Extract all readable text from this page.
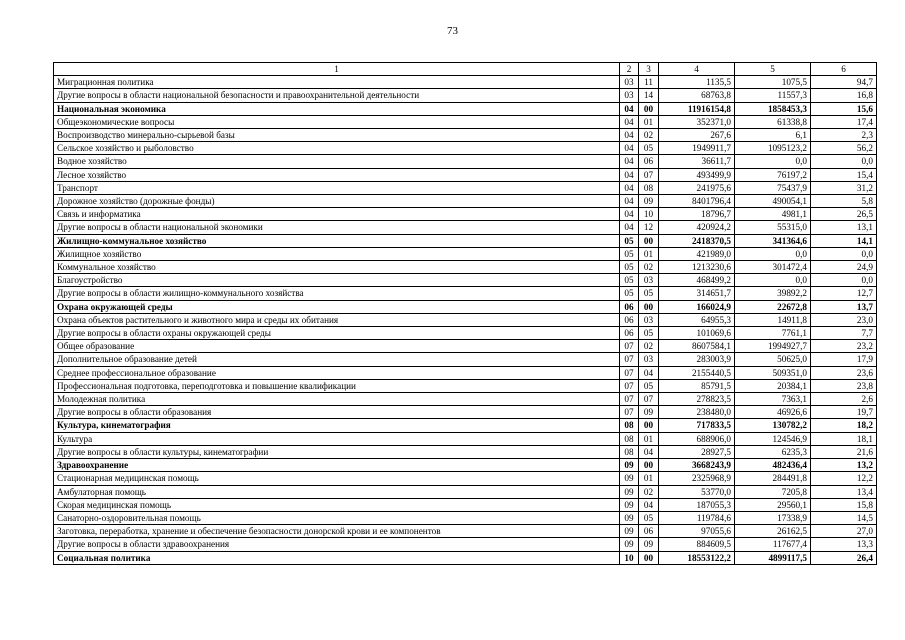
73
1	2	3	4	5	6
Миграционная политика	03	11	1135,5	1075,5	94,7
Другие вопросы в области национальной безопасности и правоохранительной деятельности	03	14	68763,8	11557,3	16,8
Национальная экономика	04	00	11916154,8	1858453,3	15,6
Общеэкономические вопросы	04	01	352371,0	61338,8	17,4
Воспроизводство минерально-сырьевой базы	04	02	267,6	6,1	2,3
Сельское хозяйство и рыболовство	04	05	1949911,7	1095123,2	56,2
Водное хозяйство	04	06	36611,7	0,0	0,0
Лесное хозяйство	04	07	493499,9	76197,2	15,4
Транспорт	04	08	241975,6	75437,9	31,2
Дорожное хозяйство (дорожные фонды)	04	09	8401796,4	490054,1	5,8
Связь и информатика	04	10	18796,7	4981,1	26,5
Другие вопросы в области национальной экономики	04	12	420924,2	55315,0	13,1
Жилищно-коммунальное хозяйство	05	00	2418370,5	341364,6	14,1
Жилищное хозяйство	05	01	421989,0	0,0	0,0
Коммунальное хозяйство	05	02	1213230,6	301472,4	24,9
Благоустройство	05	03	468499,2	0,0	0,0
Другие вопросы в области жилищно-коммунального хозяйства	05	05	314651,7	39892,2	12,7
Охрана окружающей среды	06	00	166024,9	22672,8	13,7
Охрана объектов растительного и животного мира и среды их обитания	06	03	64955,3	14911,8	23,0
Другие вопросы в области охраны окружающей среды	06	05	101069,6	7761,1	7,7
Общее образование	07	02	8607584,1	1994927,7	23,2
Дополнительное образование детей	07	03	283003,9	50625,0	17,9
Среднее профессиональное образование	07	04	2155440,5	509351,0	23,6
Профессиональная подготовка, переподготовка и повышение квалификации	07	05	85791,5	20384,1	23,8
Молодежная политика	07	07	278823,5	7363,1	2,6
Другие вопросы в области образования	07	09	238480,0	46926,6	19,7
Культура, кинематография	08	00	717833,5	130782,2	18,2
Культура	08	01	688906,0	124546,9	18,1
Другие вопросы в области культуры, кинематографии	08	04	28927,5	6235,3	21,6
Здравоохранение	09	00	3668243,9	482436,4	13,2
Стационарная медицинская помощь	09	01	2325968,9	284491,8	12,2
Амбулаторная помощь	09	02	53770,0	7205,8	13,4
Скорая медицинская помощь	09	04	187055,3	29560,1	15,8
Санаторно-оздоровительная помощь	09	05	119784,6	17338,9	14,5
Заготовка, переработка, хранение и обеспечение безопасности донорской крови и ее компонентов	09	06	97055,6	26162,5	27,0
Другие вопросы в области здравоохранения	09	09	884609,5	117677,4	13,3
Социальная политика	10	00	18553122,2	4899117,5	26,4
